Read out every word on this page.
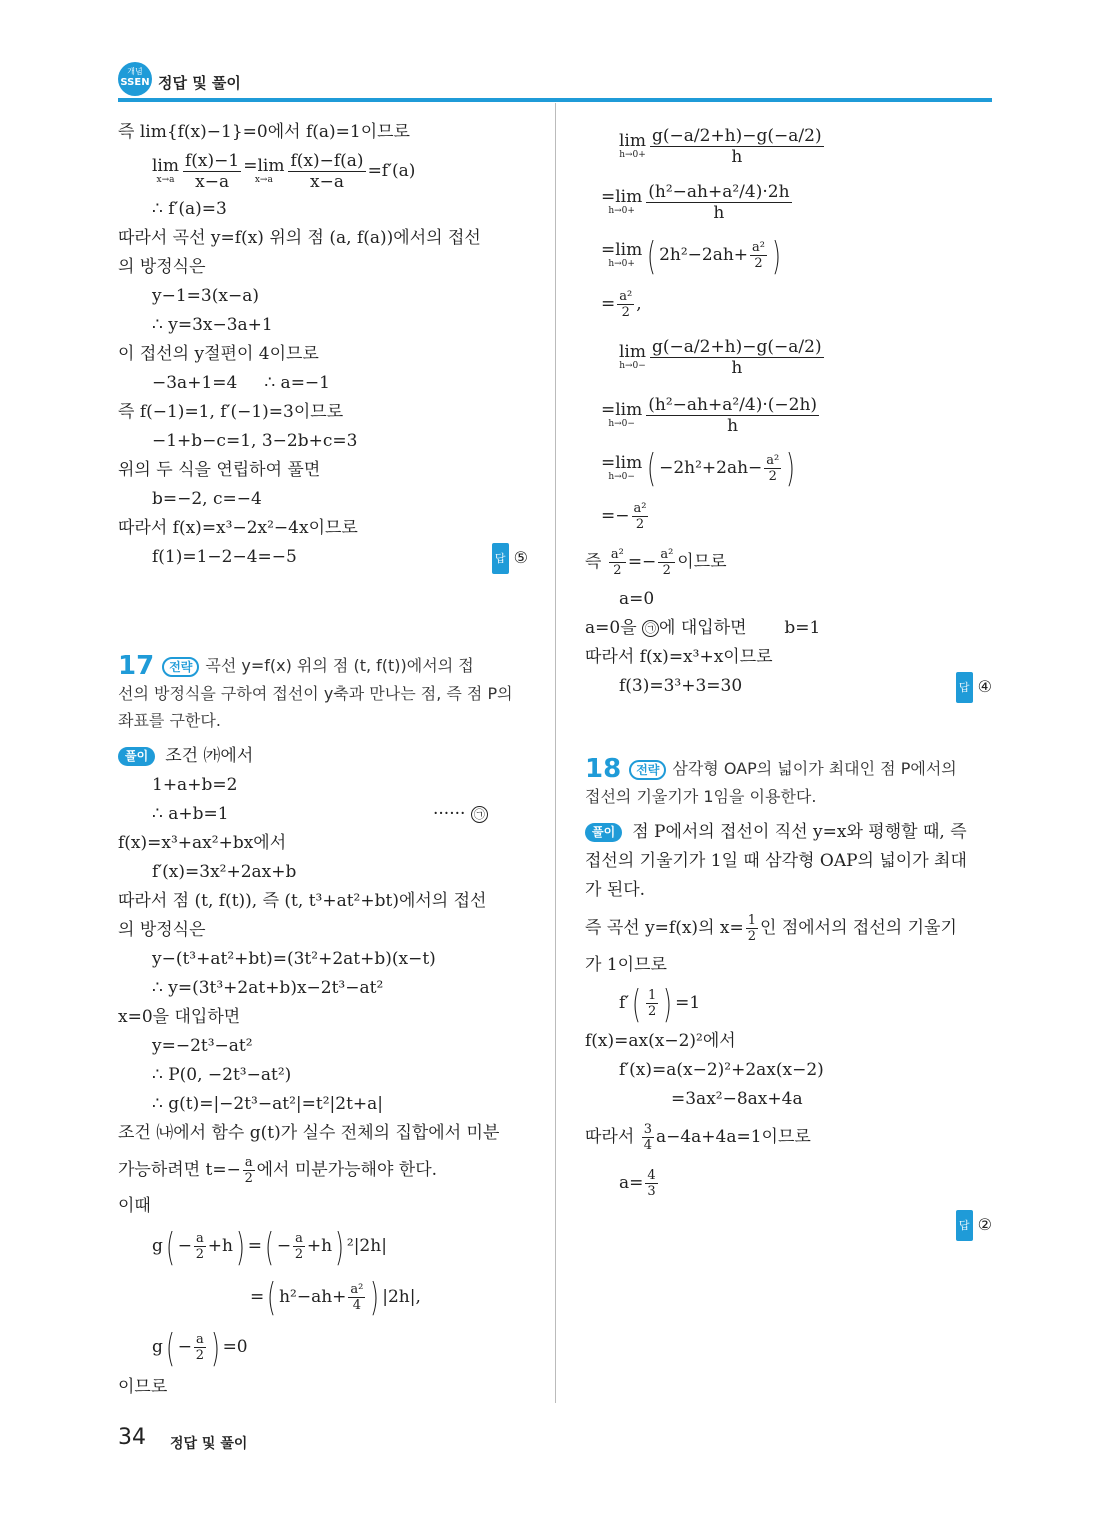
개념
SSEN 정답 및 풀이
즉 lim{f(x)−1}=0에서 f(a)=1이므로
lim
$x\to a \frac{f(x)-1}{x-a} =\lim$
$x\to a \frac{f(x)-f(a)}{x-a} =f'(a)$
∴ f′(a)=3
따라서 곡선 y=f(x) 위의 점 (a, f(a))에서의 접선
의 방정식은
y−1=3(x−a)
∴ y=3x−3a+1
이 접선의 y절편이 4이므로
−3a+1=4     ∴ a=−1
즉 f(−1)=1, f′(−1)=3이므로
−1+b−c=1, 3−2b+c=3
위의 두 식을 연립하여 풀면
b=−2, c=−4
따라서 f(x)=x³−2x²−4x이므로
f(1)=1−2−4=−5	답 ⑤
17 전략 곡선 y=f(x) 위의 점 (t, f(t))에서의 접
선의 방정식을 구하여 접선이 y축과 만나는 점, 즉 점 P의
좌표를 구한다.
풀이 조건 ㈎에서
1+a+b=2
∴ a+b=1	······ ㉠
f(x)=x³+ax²+bx에서
f′(x)=3x²+2ax+b
따라서 점 (t, f(t)), 즉 (t, t³+at²+bt)에서의 접선
의 방정식은
y−(t³+at²+bt)=(3t²+2at+b)(x−t)
∴ y=(3t³+2at+b)x−2t³−at²
x=0을 대입하면
y=−2t³−at²
∴ P(0, −2t³−at²)
∴ g(t)=|−2t³−at²|=t²|2t+a|
조건 ㈏에서 함수 g(t)가 실수 전체의 집합에서 미분
가능하려면 $t=- \frac{a}{2}$ 에서 미분가능해야 한다.
이때
$g( - \frac{a}{2} +h)$ =( − $\frac{a}{2} +h$) ²|2h|
=( $h^2-ah+ \frac{\text{a²}}{4}$ ) |2h|,
$g( - \frac{a}{2}$ ) =0
이므로
lim
$h\to 0+ \frac{g(-a/2+h)-g(-a/2)}{h}$
=lim
$h\to 0+ \frac{\text{(h²−ah+a²/4)·2h}}{h}$
=lim
h→0+ ( $2h^2-2ah+ \frac{\text{a²}}{2}$ )
= $\frac{\text{a²}}{2}$ ,
lim
$h\to 0- \frac{g(-a/2+h)-g(-a/2)}{h}$
=lim
$h\to 0- \frac{\text{(h²−ah+a²/4)·(−2h)}}{h}$
=lim
h→0− ( $-2h^2+2ah- \frac{\text{a²}}{2}$ )
=− $\frac{\text{a²}}{2}$
즉 $\frac{\text{a²}}{2} =- \frac{\text{a²}}{2}$ 이므로
a=0
a=0을 ㉠ 에 대입하면       b=1
따라서 f(x)=x³+x이므로
f(3)=3³+3=30	답 ④
18 전략 삼각형 OAP의 넓이가 최대인 점 P에서의
접선의 기울기가 1임을 이용한다.
풀이 점 P에서의 접선이 직선 y=x와 평행할 때, 즉
접선의 기울기가 1일 때 삼각형 OAP의 넓이가 최대
가 된다.
즉 곡선 y=f(x)의 $x= \frac{1}{2}$ 인 점에서의 접선의 기울기
가 1이므로
$f'( \frac{1}{2}$ ) =1
f(x)=ax(x−2)²에서
f′(x)=a(x−2)²+2ax(x−2)
=3ax²−8ax+4a
따라서 $\frac{3}{4} a-4a+4a=1$이므로
$a= \frac{4}{3}$
답 ②
34 정답 및 풀이
